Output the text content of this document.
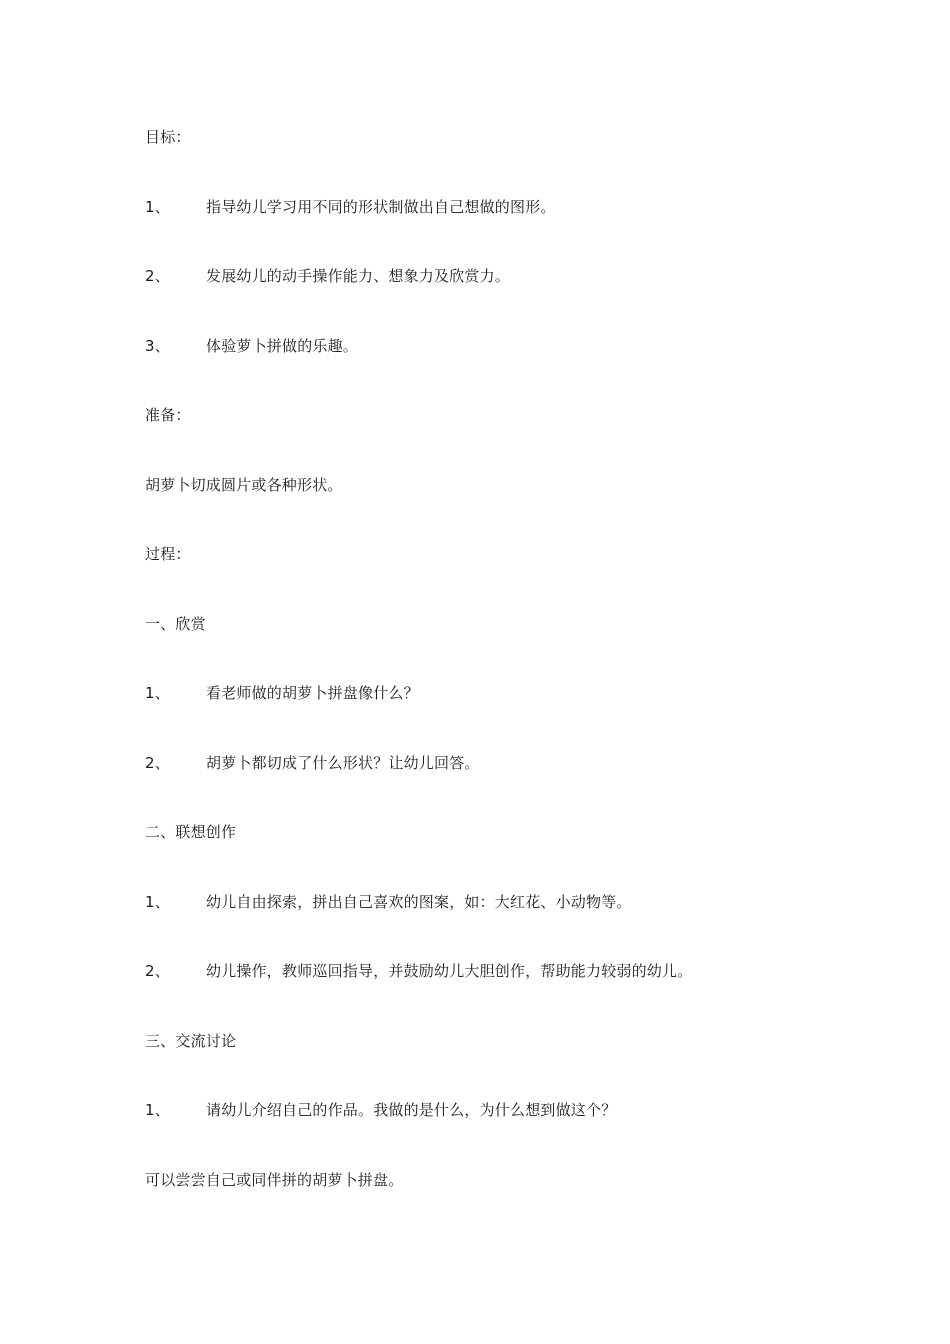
目标：
1、 指导幼儿学习用不同的形状制做出自己想做的图形。
2、 发展幼儿的动手操作能力、想象力及欣赏力。
3、 体验萝卜拼做的乐趣。
准备：
胡萝卜切成圆片或各种形状。
过程：
一、欣赏
1、 看老师做的胡萝卜拼盘像什么？
2、 胡萝卜都切成了什么形状？让幼儿回答。
二、联想创作
1、 幼儿自由探索，拼出自己喜欢的图案，如：大红花、小动物等。
2、 幼儿操作，教师巡回指导，并鼓励幼儿大胆创作，帮助能力较弱的幼儿。
三、交流讨论
1、 请幼儿介绍自己的作品。我做的是什么，为什么想到做这个？
可以尝尝自己或同伴拼的胡萝卜拼盘。
